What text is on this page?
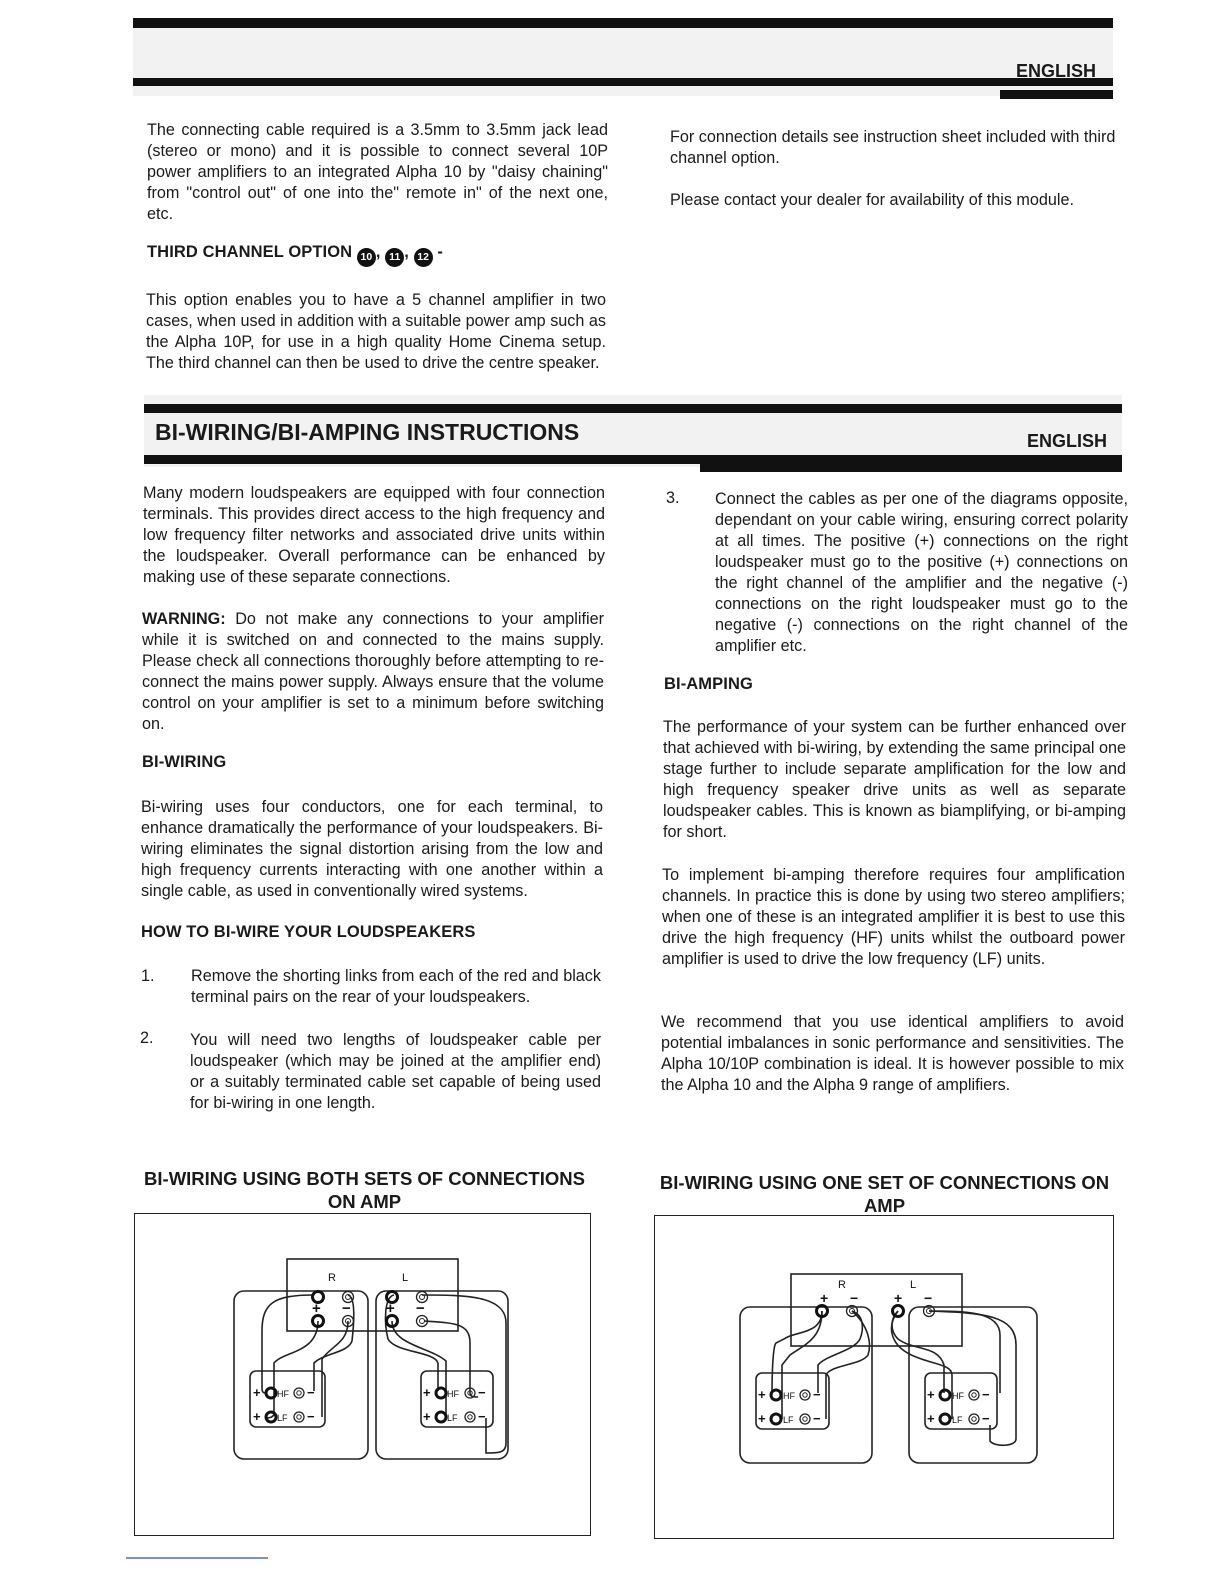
ENGLISH

The connecting cable required is a 3.5mm to 3.5mm jack lead (stereo or mono) and it is possible to connect several 10P power amplifiers to an integrated Alpha 10 by "daisy chaining" from "control out" of one into the" remote in" of the next one, etc.

THIRD CHANNEL OPTION 10 , 11 , 12 -

This option enables you to have a 5 channel amplifier in two cases, when used in addition with a suitable power amp such as the Alpha 10P, for use in a high quality Home Cinema setup. The third channel can then be used to drive the centre speaker.

For connection details see instruction sheet included with third channel option.

Please contact your dealer for availability of this module.

BI-WIRING/BI-AMPING INSTRUCTIONS	ENGLISH

Many modern loudspeakers are equipped with four connection terminals. This provides direct access to the high frequency and low frequency filter networks and associated drive units within the loudspeaker. Overall performance can be enhanced by making use of these separate connections.

WARNING: Do not make any connections to your amplifier while it is switched on and connected to the mains supply. Please check all connections thoroughly before attempting to re-connect the mains power supply. Always ensure that the volume control on your amplifier is set to a minimum before switching on.

BI-WIRING

Bi-wiring uses four conductors, one for each terminal, to enhance dramatically the performance of your loudspeakers. Bi-wiring eliminates the signal distortion arising from the low and high frequency currents interacting with one another within a single cable, as used in conventionally wired systems.

HOW TO BI-WIRE YOUR LOUDSPEAKERS
1. Remove the shorting links from each of the red and black terminal pairs on the rear of your loudspeakers.

2. You will need two lengths of loudspeaker cable per loudspeaker (which may be joined at the amplifier end) or a suitably terminated cable set capable of being used for bi-wiring in one length.

3. Connect the cables as per one of the diagrams opposite, dependant on your cable wiring, ensuring correct polarity at all times. The positive (+) connections on the right loudspeaker must go to the positive (+) connections on the right channel of the amplifier and the negative (-) connections on the right loudspeaker must go to the negative (-) connections on the right channel of the amplifier etc.

BI-AMPING

The performance of your system can be further enhanced over that achieved with bi-wiring, by extending the same principal one stage further to include separate amplification for the low and high frequency speaker drive units as well as separate loudspeaker cables. This is known as biamplifying, or bi-amping for short.

To implement bi-amping therefore requires four amplification channels. In practice this is done by using two stereo amplifiers; when one of these is an integrated amplifier it is best to use this drive the high frequency (HF) units whilst the outboard power amplifier is used to drive the low frequency (LF) units.

We recommend that you use identical amplifiers to avoid potential imbalances in sonic performance and sensitivities. The Alpha 10/10P combination is ideal. It is however possible to mix the Alpha 10 and the Alpha 9 range of amplifiers.

BI-WIRING USING BOTH SETS OF CONNECTIONS ON AMP
BI-WIRING USING ONE SET OF CONNECTIONS ON AMP
R	L
+ − + −
+ HF −
+ LF −
+ HF −
+ LF −
R	L
+ −	+ −
+ HF −
+ LF −
+ HF −
+ LF −
